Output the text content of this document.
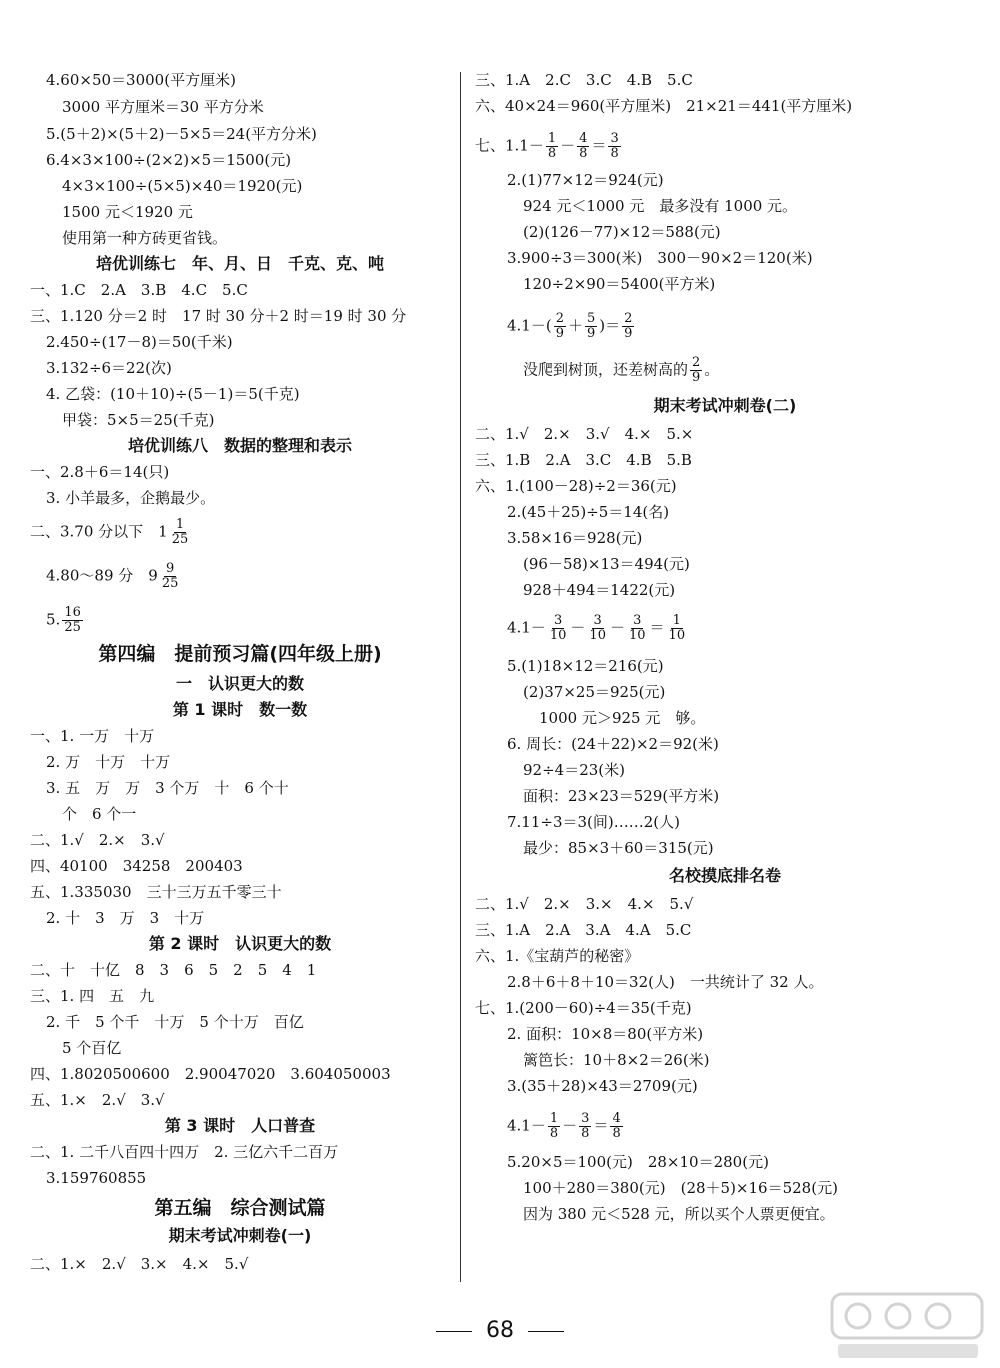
4.60×50＝3000(平方厘米)
3000 平方厘米＝30 平方分米
5.(5＋2)×(5＋2)－5×5＝24(平方分米)
6.4×3×100÷(2×2)×5＝1500(元)
4×3×100÷(5×5)×40＝1920(元)
1500 元＜1920 元
使用第一种方砖更省钱。
培优训练七　年、月、日　千克、克、吨
一、1.C　2.A　3.B　4.C　5.C
三、1.120 分＝2 时　17 时 30 分＋2 时＝19 时 30 分
2.450÷(17－8)＝50(千米)
3.132÷6＝22(次)
4. 乙袋：(10＋10)÷(5－1)＝5(千克)
甲袋：5×5＝25(千克)
培优训练八　数据的整理和表示
一、2.8＋6＝14(只)
3. 小羊最多，企鹅最少。
二、3.70 分以下　$1 \frac{1}{25}$
4.80～89 分　$9 \frac{9}{25}$
5. $\frac{16}{25}$
第四编　提前预习篇(四年级上册)
一　认识更大的数
第 1 课时　数一数
一、1. 一万　十万
2. 万　十万　十万
3. 五　万　万　3 个万　十　6 个十
个　6 个一
二、1.√　2.×　3.√
四、40100　34258　200403
五、1.335030　三十三万五千零三十
2. 十　3　万　3　十万
第 2 课时　认识更大的数
二、十　十亿　8　3　6　5　2　5　4　1
三、1. 四　五　九
2. 千　5 个千　十万　5 个十万　百亿
5 个百亿
四、1.8020500600　2.90047020　3.604050003
五、1.×　2.√　3.√
第 3 课时　人口普查
二、1. 二千八百四十四万　2. 三亿六千二百万
3.159760855
第五编　综合测试篇
期末考试冲刺卷(一)
二、1.×　2.√　3.×　4.×　5.√
三、1.A　2.C　3.C　4.B　5.C
六、40×24＝960(平方厘米)　21×21＝441(平方厘米)
七、$1.1- \frac{1}{8} - \frac{4}{8} = \frac{3}{8}$
2.(1)77×12＝924(元)
924 元＜1000 元　最多没有 1000 元。
(2)(126－77)×12＝588(元)
3.900÷3＝300(米)　300－90×2＝120(米)
120÷2×90＝5400(平方米)
$4.1-( \frac{2}{9} + \frac{5}{9}$ )＝ $\frac{2}{9}$
没爬到树顶，还差树高的 $\frac{2}{9}$ 。
期末考试冲刺卷(二)
二、1.√　2.×　3.√　4.×　5.×
三、1.B　2.A　3.C　4.B　5.B
六、1.(100－28)÷2＝36(元)
2.(45＋25)÷5＝14(名)
3.58×16＝928(元)
(96－58)×13＝494(元)
928＋494＝1422(元)
$4.1- \frac{3}{10} - \frac{3}{10} - \frac{3}{10} = \frac{1}{10}$
5.(1)18×12＝216(元)
(2)37×25＝925(元)
1000 元＞925 元　够。
6. 周长：(24＋22)×2＝92(米)
92÷4＝23(米)
面积：23×23＝529(平方米)
7.11÷3＝3(间)……2(人)
最少：85×3＋60＝315(元)
名校摸底排名卷
二、1.√　2.×　3.×　4.×　5.√
三、1.A　2.A　3.A　4.A　5.C
六、1.《宝葫芦的秘密》
2.8＋6＋8＋10＝32(人)　一共统计了 32 人。
七、1.(200－60)÷4＝35(千克)
2. 面积：10×8＝80(平方米)
篱笆长：10＋8×2＝26(米)
3.(35＋28)×43＝2709(元)
$4.1- \frac{1}{8} - \frac{3}{8} = \frac{4}{8}$
5.20×5＝100(元)　28×10＝280(元)
100＋280＝380(元)　(28＋5)×16＝528(元)
因为 380 元＜528 元，所以买个人票更便宜。
68
